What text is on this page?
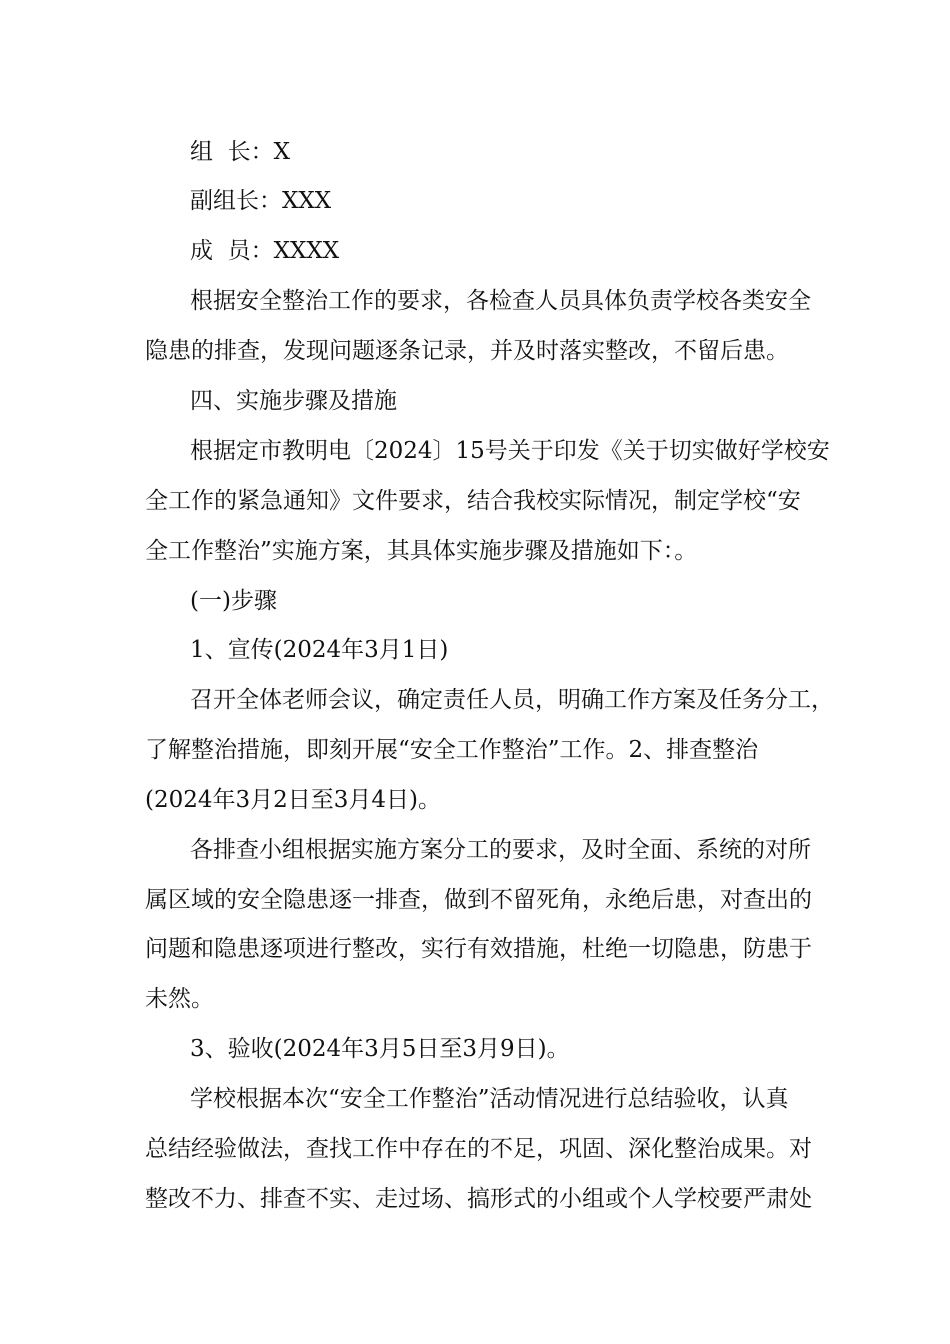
组  长：X
副组长：XXX
成  员：XXXX
根据安全整治工作的要求，各检查人员具体负责学校各类安全
隐患的排查，发现问题逐条记录，并及时落实整改，不留后患。
四、实施步骤及措施
根据定市教明电〔2024〕15号关于印发《关于切实做好学校安
全工作的紧急通知》文件要求，结合我校实际情况，制定学校“安
全工作整治”实施方案，其具体实施步骤及措施如下：。
(一)步骤
1、宣传(2024年3月1日)
召开全体老师会议，确定责任人员，明确工作方案及任务分工，
了解整治措施，即刻开展“安全工作整治”工作。2、排查整治
(2024年3月2日至3月4日)。
各排查小组根据实施方案分工的要求，及时全面、系统的对所
属区域的安全隐患逐一排查，做到不留死角，永绝后患，对查出的
问题和隐患逐项进行整改，实行有效措施，杜绝一切隐患，防患于
未然。
3、验收(2024年3月5日至3月9日)。
学校根据本次“安全工作整治”活动情况进行总结验收，认真
总结经验做法，查找工作中存在的不足，巩固、深化整治成果。对
整改不力、排查不实、走过场、搞形式的小组或个人学校要严肃处
